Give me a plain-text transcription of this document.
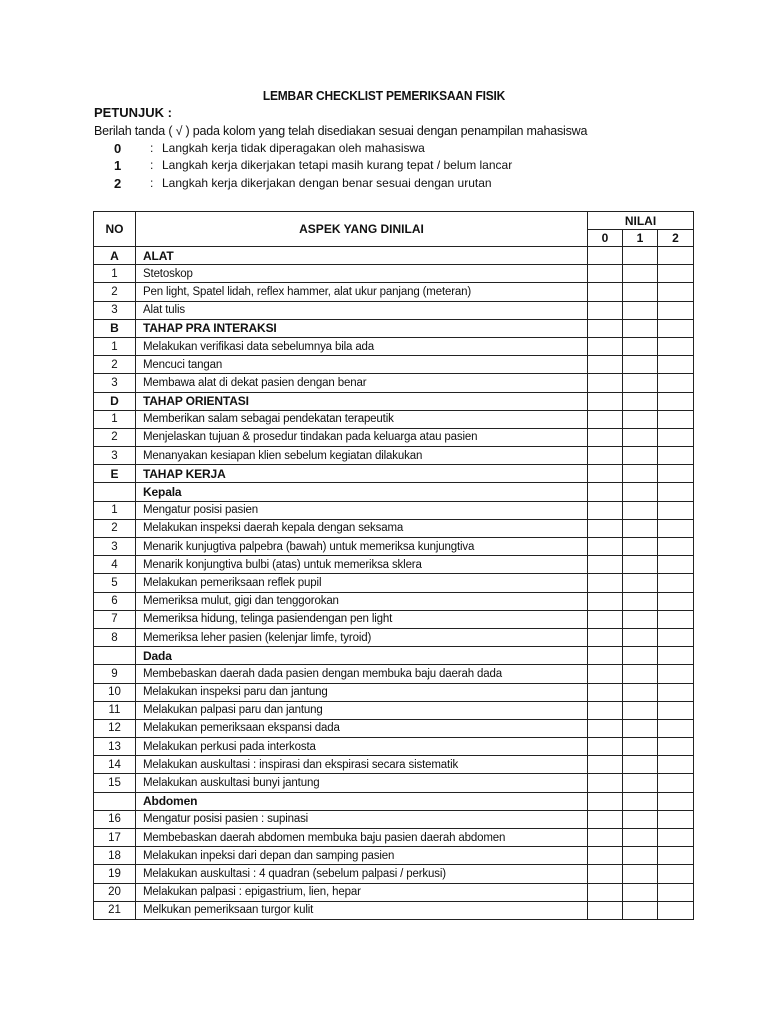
LEMBAR CHECKLIST PEMERIKSAAN FISIK
PETUNJUK :
Berilah tanda ( √ ) pada kolom yang telah disediakan sesuai dengan penampilan mahasiswa
0	: Langkah kerja tidak diperagakan oleh mahasiswa
1	: Langkah kerja dikerjakan tetapi masih kurang tepat / belum lancar
2	: Langkah kerja dikerjakan dengan benar sesuai dengan urutan
NO	ASPEK YANG DINILAI	NILAI		
		0	1	2
A	ALAT			
1	Stetoskop			
2	Pen light, Spatel lidah, reflex hammer, alat ukur panjang (meteran)			
3	Alat tulis			
B	TAHAP PRA INTERAKSI			
1	Melakukan verifikasi data sebelumnya bila ada			
2	Mencuci tangan			
3	Membawa alat di dekat pasien dengan benar			
D	TAHAP ORIENTASI			
1	Memberikan salam sebagai pendekatan terapeutik			
2	Menjelaskan tujuan & prosedur tindakan pada keluarga atau pasien			
3	Menanyakan kesiapan klien sebelum kegiatan dilakukan			
E	TAHAP KERJA			
	Kepala			
1	Mengatur posisi pasien			
2	Melakukan inspeksi daerah kepala dengan seksama			
3	Menarik kunjugtiva palpebra (bawah) untuk memeriksa kunjungtiva			
4	Menarik konjungtiva bulbi (atas) untuk memeriksa sklera			
5	Melakukan pemeriksaan reflek pupil			
6	Memeriksa mulut, gigi dan tenggorokan			
7	Memeriksa hidung, telinga pasiendengan pen light			
8	Memeriksa leher pasien (kelenjar limfe, tyroid)			
	Dada			
9	Membebaskan daerah dada pasien dengan membuka baju daerah dada			
10	Melakukan inspeksi paru dan jantung			
11	Melakukan palpasi paru dan jantung			
12	Melakukan pemeriksaan ekspansi dada			
13	Melakukan perkusi pada interkosta			
14	Melakukan auskultasi : inspirasi dan ekspirasi secara sistematik			
15	Melakukan auskultasi bunyi jantung			
	Abdomen			
16	Mengatur posisi pasien : supinasi			
17	Membebaskan daerah abdomen membuka baju pasien daerah abdomen			
18	Melakukan inpeksi dari depan dan samping pasien			
19	Melakukan auskultasi : 4 quadran (sebelum palpasi / perkusi)			
20	Melakukan palpasi : epigastrium, lien, hepar			
21	Melkukan pemeriksaan turgor kulit			
